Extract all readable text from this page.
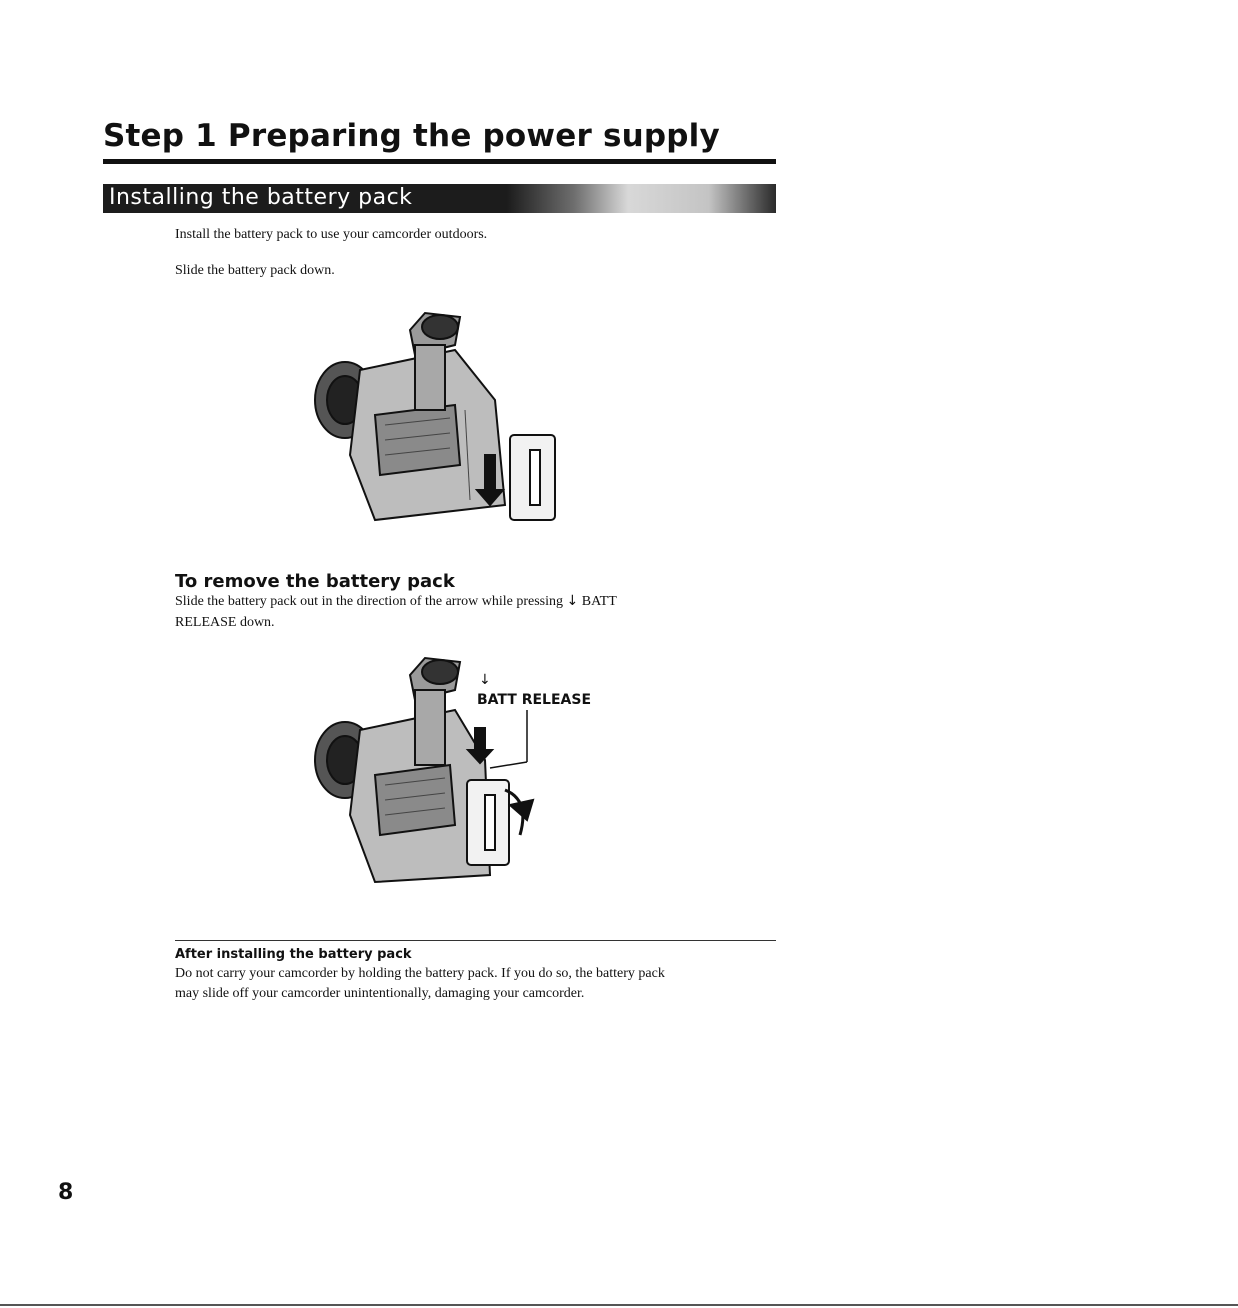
Step 1 Preparing the power supply
Installing the battery pack

Install the battery pack to use your camcorder outdoors.

Slide the battery pack down.

To remove the battery pack

Slide the battery pack out in the direction of the arrow while pressing ↓ BATT

RELEASE down.

↓
BATT RELEASE
After installing the battery pack

Do not carry your camcorder by holding the battery pack. If you do so, the battery pack

may slide off your camcorder unintentionally, damaging your camcorder.

8
